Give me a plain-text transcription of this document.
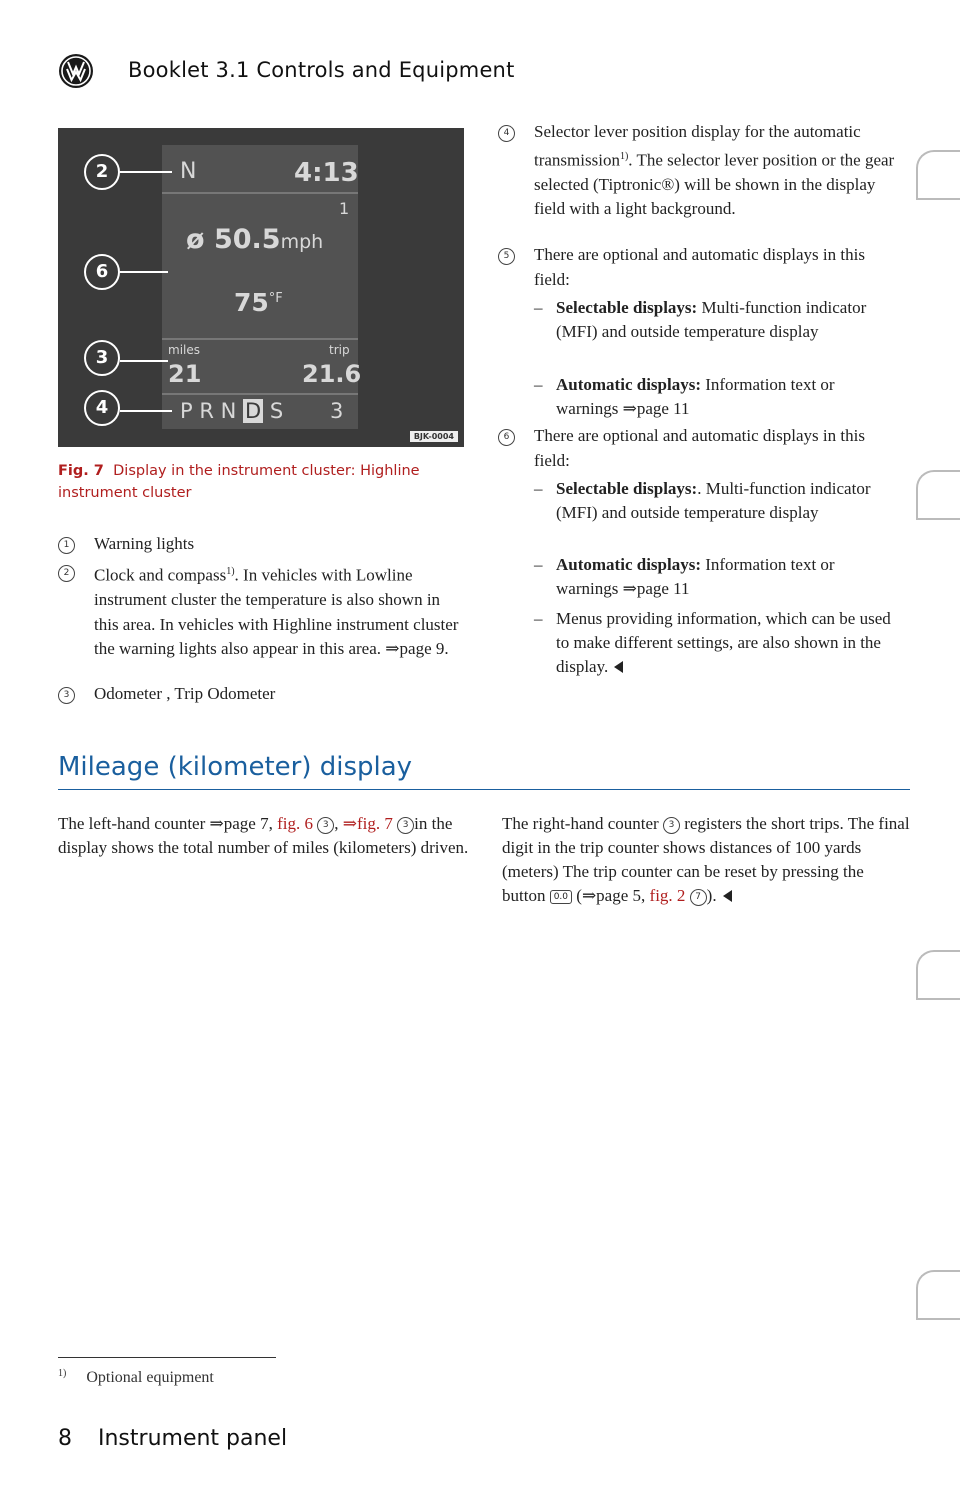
Booklet 3.1 Controls and Equipment
N	4:13
1
ø 50.5mph
$75^{^\circ F}$
miles	trip
21	21.6
P R N D S 3
2
6
3
4
BJK-0004
Fig. 7 Display in the instrument cluster: Highline instrument cluster
1	Warning lights
2	Clock and compass$^{1)}$. In vehicles with Lowline instrument cluster the temperature is also shown in this area. In vehicles with Highline instrument cluster the warning lights also appear in this area. ⇒page 9.
3	Odometer , Trip Odometer
4	Selector lever position display for the automatic transmission$^{1)}$. The selector lever position or the gear selected (Tiptronic®) will be shown in the display field with a light background.
5	There are optional and automatic displays in this field:
– Selectable displays: Multi-function indicator (MFI) and outside temperature display
– Automatic displays: Information text or warnings ⇒page 11
6	There are optional and automatic displays in this field:
– Selectable displays:. Multi-function indicator (MFI) and outside temperature display
– Automatic displays: Information text or warnings ⇒page 11
– Menus providing information, which can be used to make different settings, are also shown in the display.
Mileage (kilometer) display
The left-hand counter ⇒page 7, fig. 6 3 , ⇒fig. 7 3 in the display shows the total number of miles (kilometers) driven.
The right-hand counter 3 registers the short trips. The final digit in the trip counter shows distances of 100 yards (meters) The trip counter can be reset by pressing the button 0.0 (⇒page 5, fig. 2 7 ).
$^{1)}$ Optional equipment
8 Instrument panel
